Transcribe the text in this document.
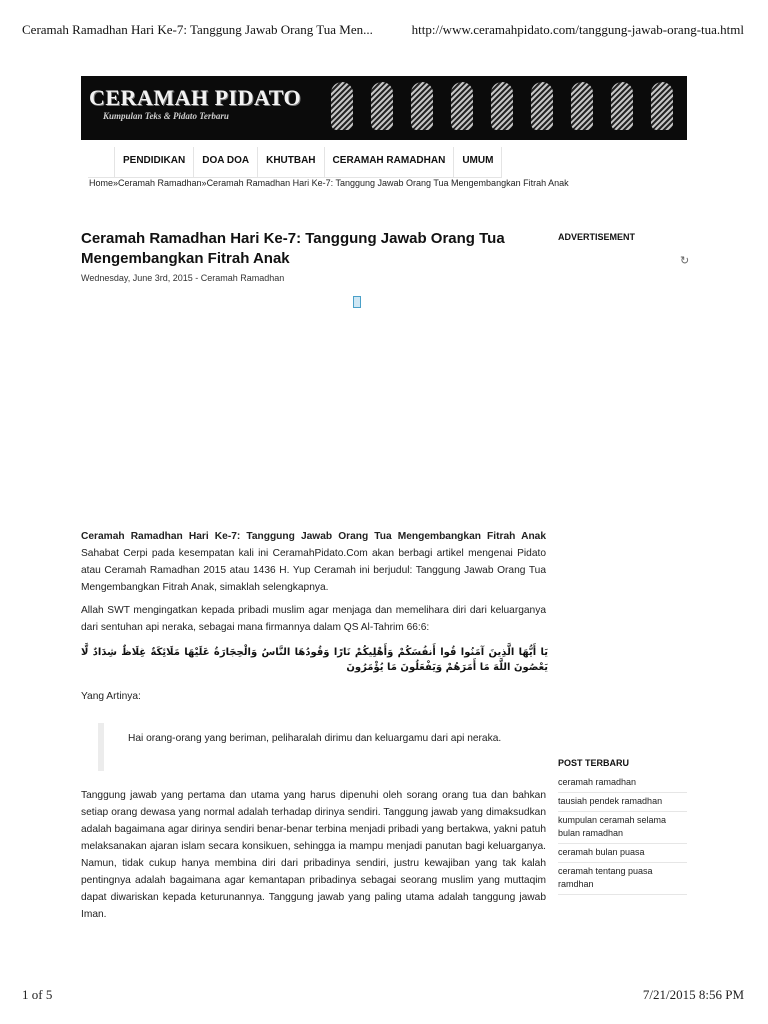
Ceramah Ramadhan Hari Ke-7: Tanggung Jawab Orang Tua Men...	http://www.ceramahpidato.com/tanggung-jawab-orang-tua.html
CERAMAH PIDATO
Kumpulan Teks & Pidato Terbaru
PENDIDIKAN	DOA DOA	KHUTBAH	CERAMAH RAMADHAN	UMUM
Home»Ceramah Ramadhan»Ceramah Ramadhan Hari Ke-7: Tanggung Jawab Orang Tua Mengembangkan Fitrah Anak
Ceramah Ramadhan Hari Ke-7: Tanggung Jawab Orang Tua Mengembangkan Fitrah Anak
Wednesday, June 3rd, 2015 - Ceramah Ramadhan

Ceramah Ramadhan Hari Ke-7: Tanggung Jawab Orang Tua Mengembangkan Fitrah Anak Sahabat Cerpi pada kesempatan kali ini CeramahPidato.Com akan berbagi artikel mengenai Pidato atau Ceramah Ramadhan 2015 atau 1436 H. Yup Ceramah ini berjudul: Tanggung Jawab Orang Tua Mengembangkan Fitrah Anak, simaklah selengkapnya.

Allah SWT mengingatkan kepada pribadi muslim agar menjaga dan memelihara diri dari keluarganya dari sentuhan api neraka, sebagai mana firmannya dalam QS Al-Tahrim 66:6:

يَا أَيُّهَا الَّذِينَ آمَنُوا قُوا أَنفُسَكُمْ وَأَهْلِيكُمْ نَارًا وَقُودُهَا النَّاسُ وَالْحِجَارَةُ عَلَيْهَا مَلَائِكَةٌ غِلَاظٌ شِدَادٌ لَّا يَعْصُونَ اللَّهَ مَا أَمَرَهُمْ وَيَفْعَلُونَ مَا يُؤْمَرُونَ

Yang Artinya:

Hai orang-orang yang beriman, peliharalah dirimu dan keluargamu dari api neraka.

Tanggung jawab yang pertama dan utama yang harus dipenuhi oleh sorang orang tua dan bahkan setiap orang dewasa yang normal adalah terhadap dirinya sendiri. Tanggung jawab yang dimaksudkan adalah bagaimana agar dirinya sendiri benar-benar terbina menjadi pribadi yang bertakwa, yakni patuh melaksanakan ajaran islam secara konsikuen, sehingga ia mampu menjadi panutan bagi keluarganya. Namun, tidak cukup hanya membina diri dari pribadinya sendiri, justru kewajiban yang tak kalah pentingnya adalah bagaimana agar kemantapan pribadinya sebagai seorang muslim yang muttaqim dapat diwariskan kepada keturunannya. Tanggung jawab yang paling utama adalah tanggung jawab Iman.

ADVERTISEMENT
↻
POST TERBARU
ceramah ramadhan
tausiah pendek ramadhan
kumpulan ceramah selama bulan ramadhan
ceramah bulan puasa
ceramah tentang puasa ramdhan
1 of 5	7/21/2015 8:56 PM
